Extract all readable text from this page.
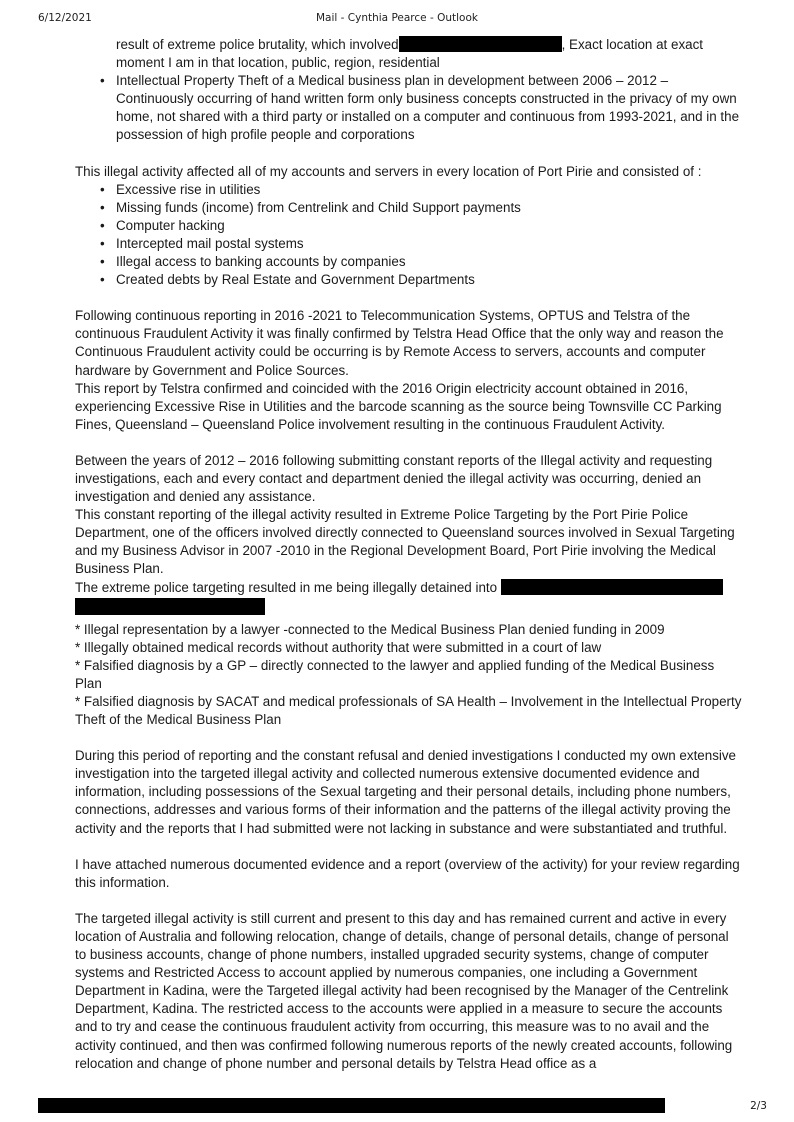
6/12/2021	Mail - Cynthia Pearce - Outlook

result of extreme police brutality, which involved	, Exact location at exact
moment I am in that location, public, region, residential

• Intellectual Property Theft of a Medical business plan in development between 2006 – 2012 – Continuously occurring of hand written form only business concepts constructed in the privacy of my own home, not shared with a third party or installed on a computer and continuous from 1993-2021, and in the possession of high profile people and corporations

This illegal activity affected all of my accounts and servers in every location of Port Pirie and consisted of :

• Excessive rise in utilities
• Missing funds (income) from Centrelink and Child Support payments
• Computer hacking
• Intercepted mail postal systems
• Illegal access to banking accounts by companies
• Created debts by Real Estate and Government Departments

Following continuous reporting in 2016 -2021 to Telecommunication Systems, OPTUS and Telstra of the continuous Fraudulent Activity it was finally confirmed by Telstra Head Office that the only way and reason the Continuous Fraudulent activity could be occurring is by Remote Access to servers, accounts and computer hardware by Government and Police Sources.

This report by Telstra confirmed and coincided with the 2016 Origin electricity account obtained in 2016, experiencing Excessive Rise in Utilities and the barcode scanning as the source being Townsville CC Parking Fines, Queensland – Queensland Police involvement resulting in the continuous Fraudulent Activity.

Between the years of 2012 – 2016 following submitting constant reports of the Illegal activity and requesting investigations, each and every contact and department denied the illegal activity was occurring, denied an investigation and denied any assistance.

This constant reporting of the illegal activity resulted in Extreme Police Targeting by the Port Pirie Police Department, one of the officers involved directly connected to Queensland sources involved in Sexual Targeting and my Business Advisor in 2007 -2010 in the Regional Development Board, Port Pirie involving the Medical Business Plan.

The extreme police targeting resulted in me being illegally detained into

* Illegal representation by a lawyer -connected to the Medical Business Plan denied funding in 2009

* Illegally obtained medical records without authority that were submitted in a court of law

* Falsified diagnosis by a GP – directly connected to the lawyer and applied funding of the Medical Business Plan

* Falsified diagnosis by SACAT and medical professionals of SA Health – Involvement in the Intellectual Property Theft of the Medical Business Plan

During this period of reporting and the constant refusal and denied investigations I conducted my own extensive investigation into the targeted illegal activity and collected numerous extensive documented evidence and information, including possessions of the Sexual targeting and their personal details, including phone numbers, connections, addresses and various forms of their information and the patterns of the illegal activity proving the activity and the reports that I had submitted were not lacking in substance and were substantiated and truthful.

I have attached numerous documented evidence and a report (overview of the activity) for your review regarding this information.

The targeted illegal activity is still current and present to this day and has remained current and active in every location of Australia and following relocation, change of details, change of personal details, change of personal to business accounts, change of phone numbers, installed upgraded security systems, change of computer systems and Restricted Access to account applied by numerous companies, one including a Government Department in Kadina, were the Targeted illegal activity had been recognised by the Manager of the Centrelink Department, Kadina. The restricted access to the accounts were applied in a measure to secure the accounts and to try and cease the continuous fraudulent activity from occurring, this measure was to no avail and the activity continued, and then was confirmed following numerous reports of the newly created accounts, following relocation and change of phone number and personal details by Telstra Head office as a

2/3
